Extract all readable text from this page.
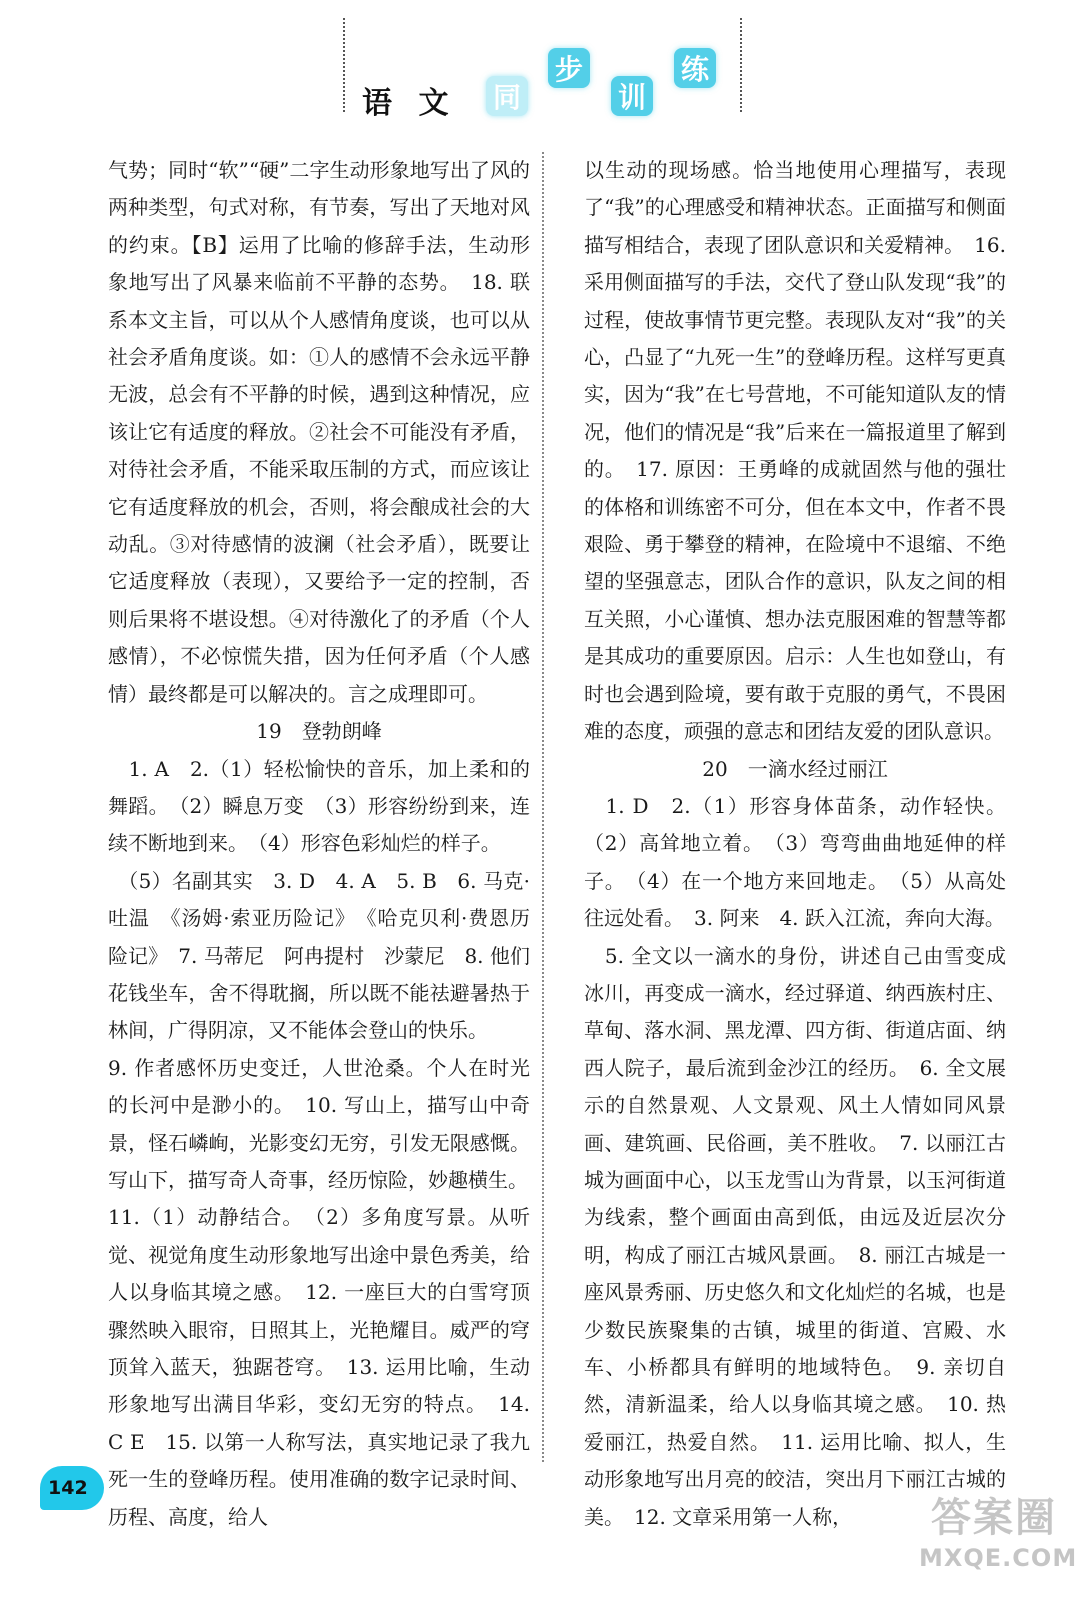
语 文 同
步
训
练

气势；同时“软”“硬”二字生动形象地写出了风的两种类型，句式对称，有节奏，写出了天地对风的约束。【B】运用了比喻的修辞手法，生动形象地写出了风暴来临前不平静的态势。　18. 联系本文主旨，可以从个人感情角度谈，也可以从社会矛盾角度谈。如：①人的感情不会永远平静无波，总会有不平静的时候，遇到这种情况，应该让它有适度的释放。②社会不可能没有矛盾，对待社会矛盾，不能采取压制的方式，而应该让它有适度释放的机会，否则，将会酿成社会的大动乱。③对待感情的波澜（社会矛盾），既要让它适度释放（表现），又要给予一定的控制，否则后果将不堪设想。④对待激化了的矛盾（个人感情），不必惊慌失措，因为任何矛盾（个人感情）最终都是可以解决的。言之成理即可。

19　登勃朗峰

　1. A　2.（1）轻松愉快的音乐，加上柔和的舞蹈。　（2）瞬息万变　（3）形容纷纷到来，连续不断地到来。　（4）形容色彩灿烂的样子。

　（5）名副其实　3. D　4. A　5. B　6. 马克·吐温　《汤姆·索亚历险记》　《哈克贝利·费恩历险记》　7. 马蒂尼　阿冉提村　沙蒙尼　8. 他们花钱坐车，舍不得耽搁，所以既不能祛避暑热于林间，广得阴凉，又不能体会登山的快乐。

9. 作者感怀历史变迁，人世沧桑。个人在时光的长河中是渺小的。　10. 写山上，描写山中奇景，怪石嶙峋，光影变幻无穷，引发无限感慨。写山下，描写奇人奇事，经历惊险，妙趣横生。

11.（1）动静结合。　（2）多角度写景。从听觉、视觉角度生动形象地写出途中景色秀美，给人以身临其境之感。　12. 一座巨大的白雪穹顶骤然映入眼帘，日照其上，光艳耀目。威严的穹顶耸入蓝天，独踞苍穹。　13. 运用比喻，生动形象地写出满目华彩，变幻无穷的特点。　14. C E　15. 以第一人称写法，真实地记录了我九死一生的登峰历程。使用准确的数字记录时间、历程、高度，给人

以生动的现场感。恰当地使用心理描写，表现了“我”的心理感受和精神状态。正面描写和侧面描写相结合，表现了团队意识和关爱精神。　16. 采用侧面描写的手法，交代了登山队发现“我”的过程，使故事情节更完整。表现队友对“我”的关心，凸显了“九死一生”的登峰历程。这样写更真实，因为“我”在七号营地，不可能知道队友的情况，他们的情况是“我”后来在一篇报道里了解到的。　17. 原因：王勇峰的成就固然与他的强壮的体格和训练密不可分，但在本文中，作者不畏艰险、勇于攀登的精神，在险境中不退缩、不绝望的坚强意志，团队合作的意识，队友之间的相互关照，小心谨慎、想办法克服困难的智慧等都是其成功的重要原因。启示：人生也如登山，有时也会遇到险境，要有敢于克服的勇气，不畏困难的态度，顽强的意志和团结友爱的团队意识。

20　一滴水经过丽江

　1. D　2.（1）形容身体苗条，动作轻快。（2）高耸地立着。　（3）弯弯曲曲地延伸的样子。　（4）在一个地方来回地走。　（5）从高处往远处看。　3. 阿来　4. 跃入江流，奔向大海。

　5. 全文以一滴水的身份，讲述自己由雪变成冰川，再变成一滴水，经过驿道、纳西族村庄、草甸、落水洞、黑龙潭、四方街、街道店面、纳西人院子，最后流到金沙江的经历。　6. 全文展示的自然景观、人文景观、风土人情如同风景画、建筑画、民俗画，美不胜收。　7. 以丽江古城为画面中心，以玉龙雪山为背景，以玉河街道为线索，整个画面由高到低，由远及近层次分明，构成了丽江古城风景画。　8. 丽江古城是一座风景秀丽、历史悠久和文化灿烂的名城，也是少数民族聚集的古镇，城里的街道、宫殿、水车、小桥都具有鲜明的地域特色。　9. 亲切自然，清新温柔，给人以身临其境之感。　10. 热爱丽江，热爱自然。　11. 运用比喻、拟人，生动形象地写出月亮的皎洁，突出月下丽江古城的美。　12. 文章采用第一人称，

142
答案圈
MXQE.COM
